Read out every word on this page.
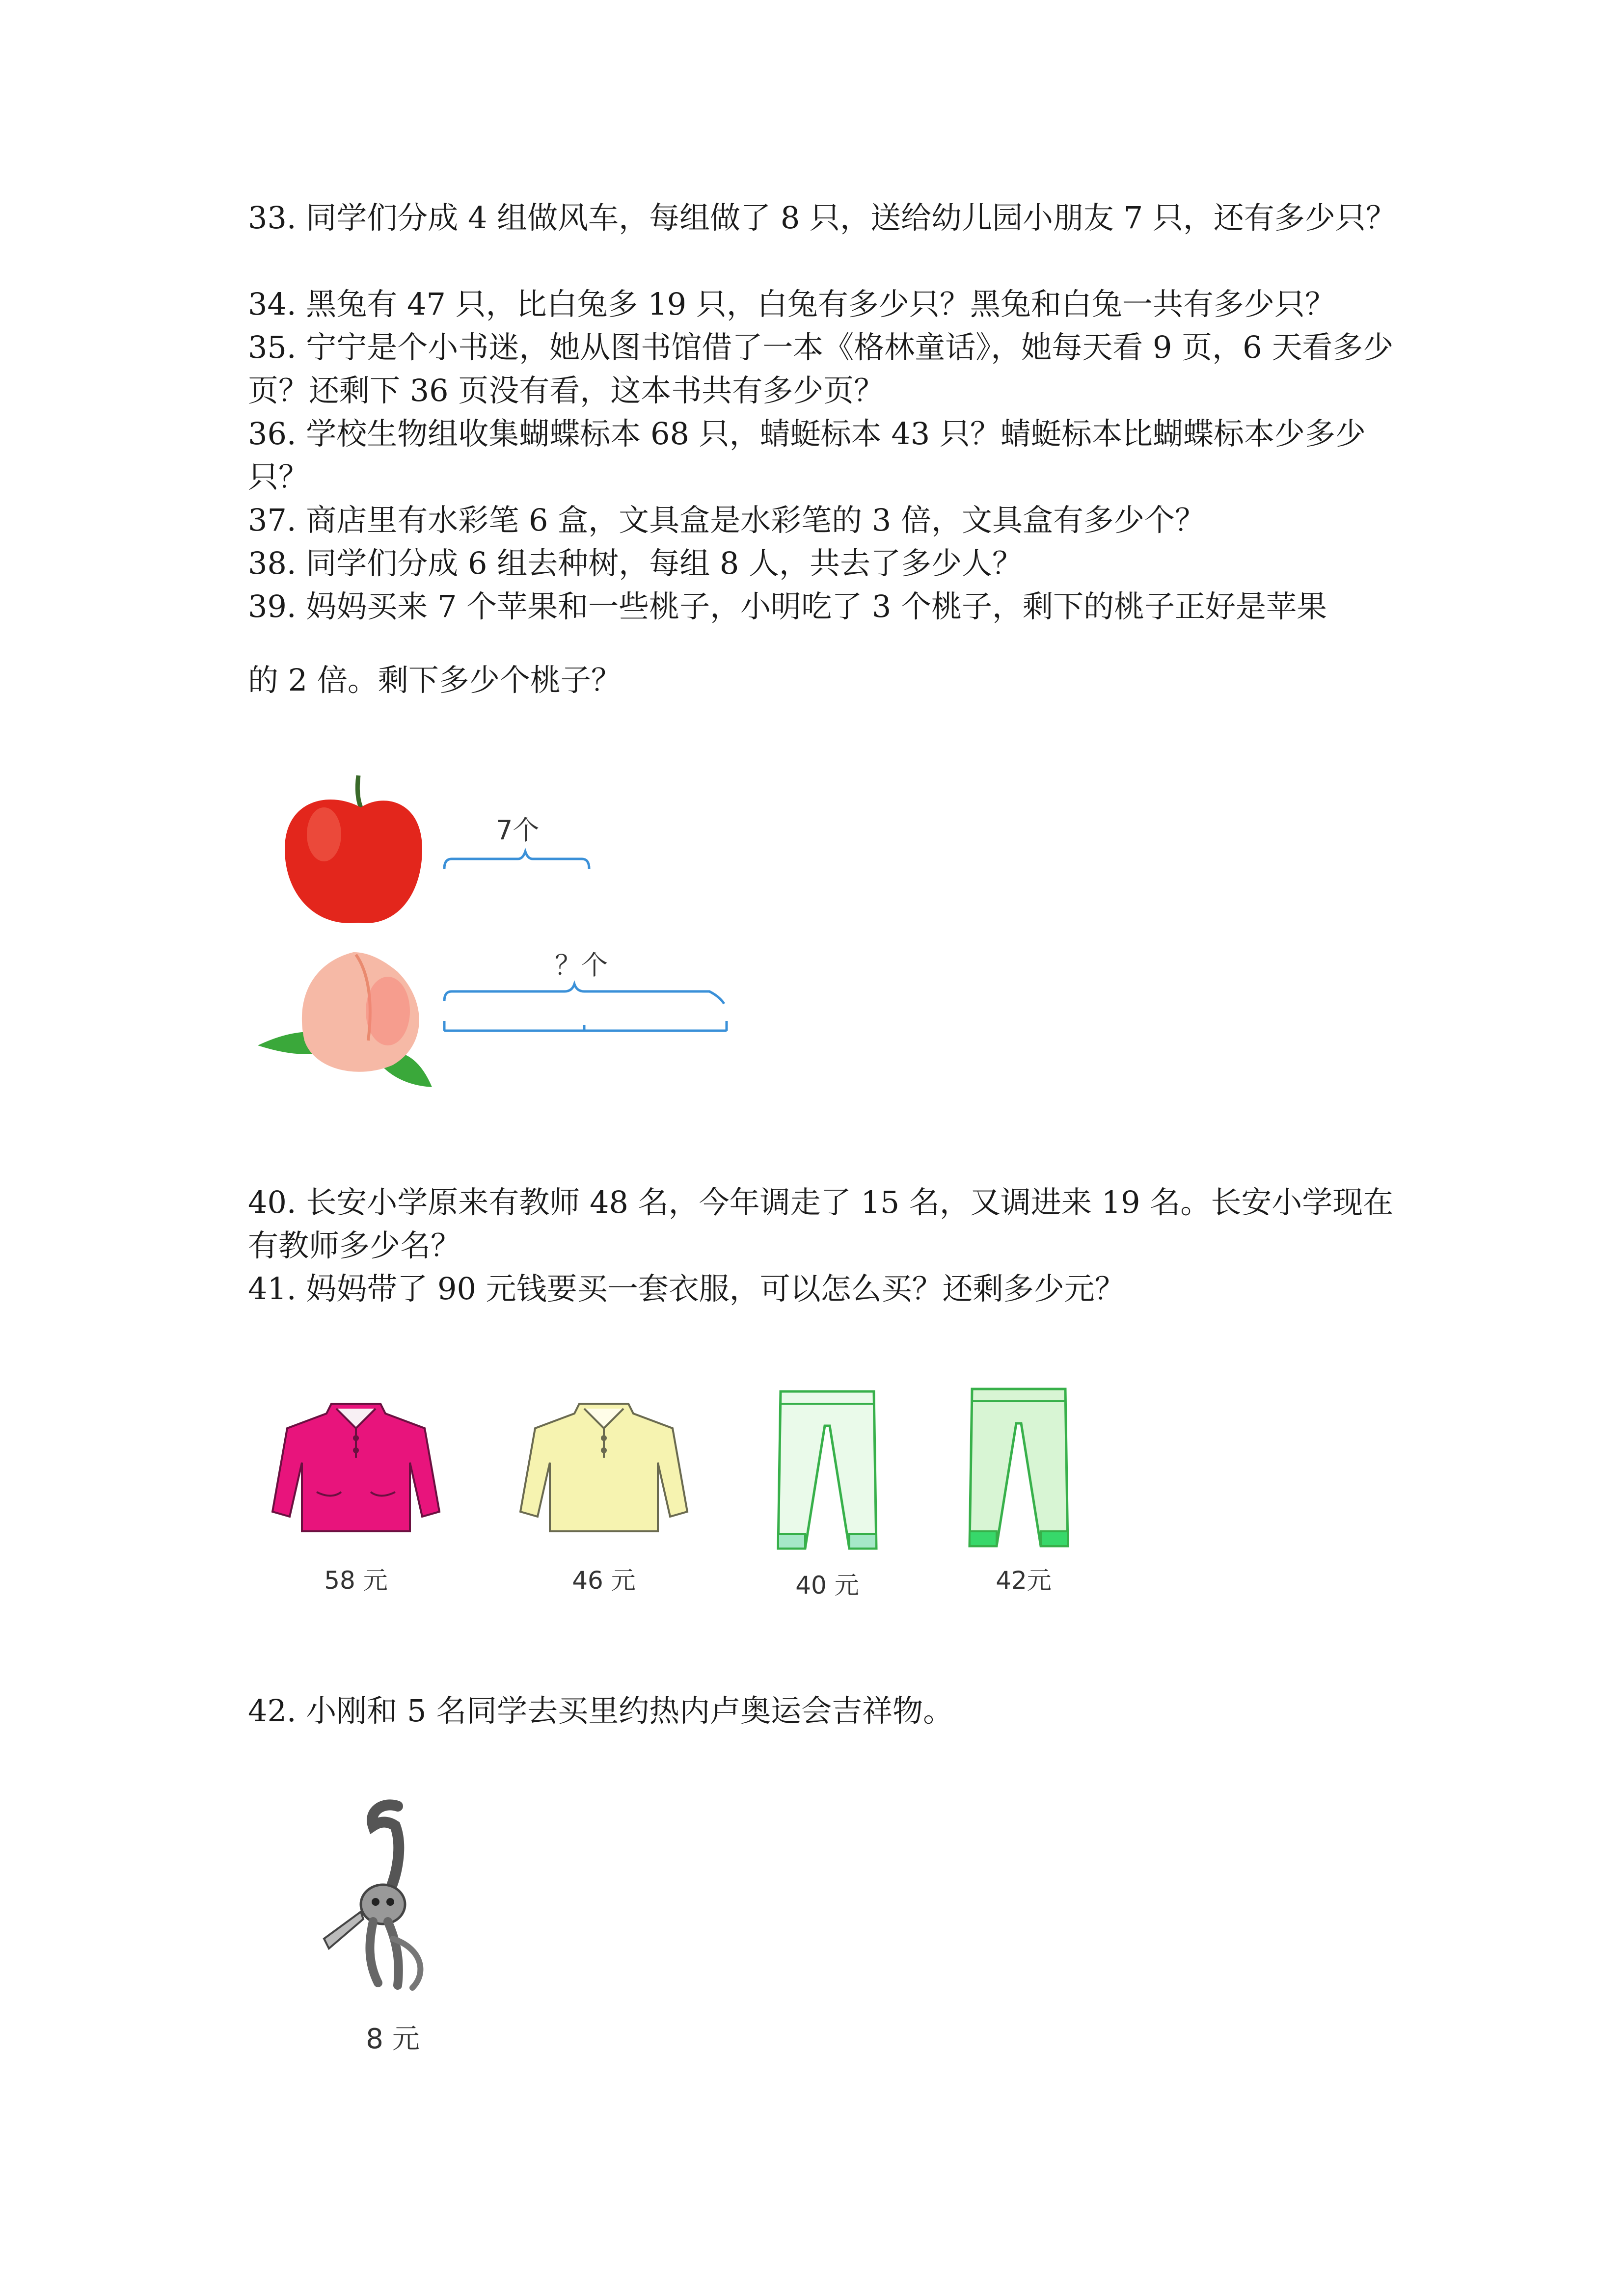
33. 同学们分成 4 组做风车，每组做了 8 只，送给幼儿园小朋友 7 只，还有多少只？

34. 黑兔有 47 只，比白兔多 19 只，白兔有多少只？黑兔和白兔一共有多少只？

35. 宁宁是个小书迷，她从图书馆借了一本《格林童话》，她每天看 9 页，6 天看多少页？还剩下 36 页没有看，这本书共有多少页？

36. 学校生物组收集蝴蝶标本 68 只，蜻蜓标本 43 只？蜻蜓标本比蝴蝶标本少多少只？

37. 商店里有水彩笔 6 盒，文具盒是水彩笔的 3 倍，文具盒有多少个？

38. 同学们分成 6 组去种树，每组 8 人，共去了多少人？

39. 妈妈买来 7 个苹果和一些桃子，小明吃了 3 个桃子，剩下的桃子正好是苹果

的 2 倍。剩下多少个桃子？

7个
？个

40. 长安小学原来有教师 48 名，今年调走了 15 名，又调进来 19 名。长安小学现在有教师多少名？

41. 妈妈带了 90 元钱要买一套衣服，可以怎么买？还剩多少元？

58 元	46 元	40 元	42元

42. 小刚和 5 名同学去买里约热内卢奥运会吉祥物。

8 元
